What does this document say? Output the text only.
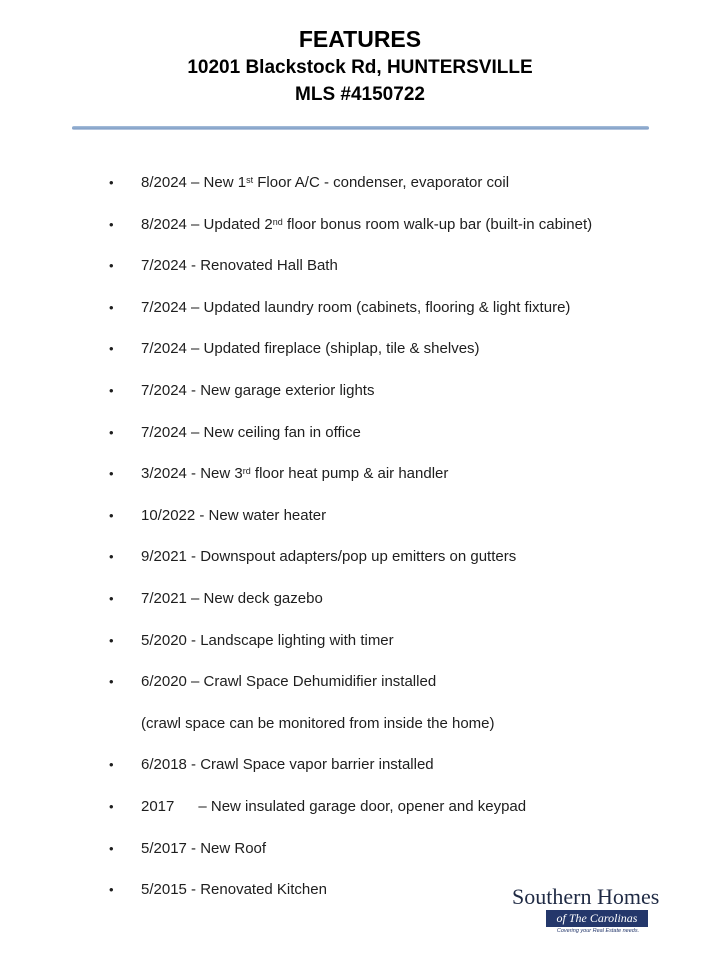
FEATURES
10201 Blackstock Rd, HUNTERSVILLE
MLS #4150722
• 8/2024 – New 1st Floor A/C - condenser, evaporator coil
• 8/2024 – Updated 2nd floor bonus room walk-up bar (built-in cabinet)
• 7/2024 - Renovated Hall Bath
• 7/2024 – Updated laundry room (cabinets, flooring & light fixture)
• 7/2024 – Updated fireplace (shiplap, tile & shelves)
• 7/2024 - New garage exterior lights
• 7/2024 – New ceiling fan in office
• 3/2024 - New 3rd floor heat pump & air handler
• 10/2022 - New water heater
• 9/2021 - Downspout adapters/pop up emitters on gutters
• 7/2021 – New deck gazebo
• 5/2020 - Landscape lighting with timer
• 6/2020 – Crawl Space Dehumidifier installed
(crawl space can be monitored from inside the home)
• 6/2018 - Crawl Space vapor barrier installed
• 2017 – New insulated garage door, opener and keypad
• 5/2017 - New Roof
• 5/2015 - Renovated Kitchen	Southern Homes
of The Carolinas
Covering your Real Estate needs.
